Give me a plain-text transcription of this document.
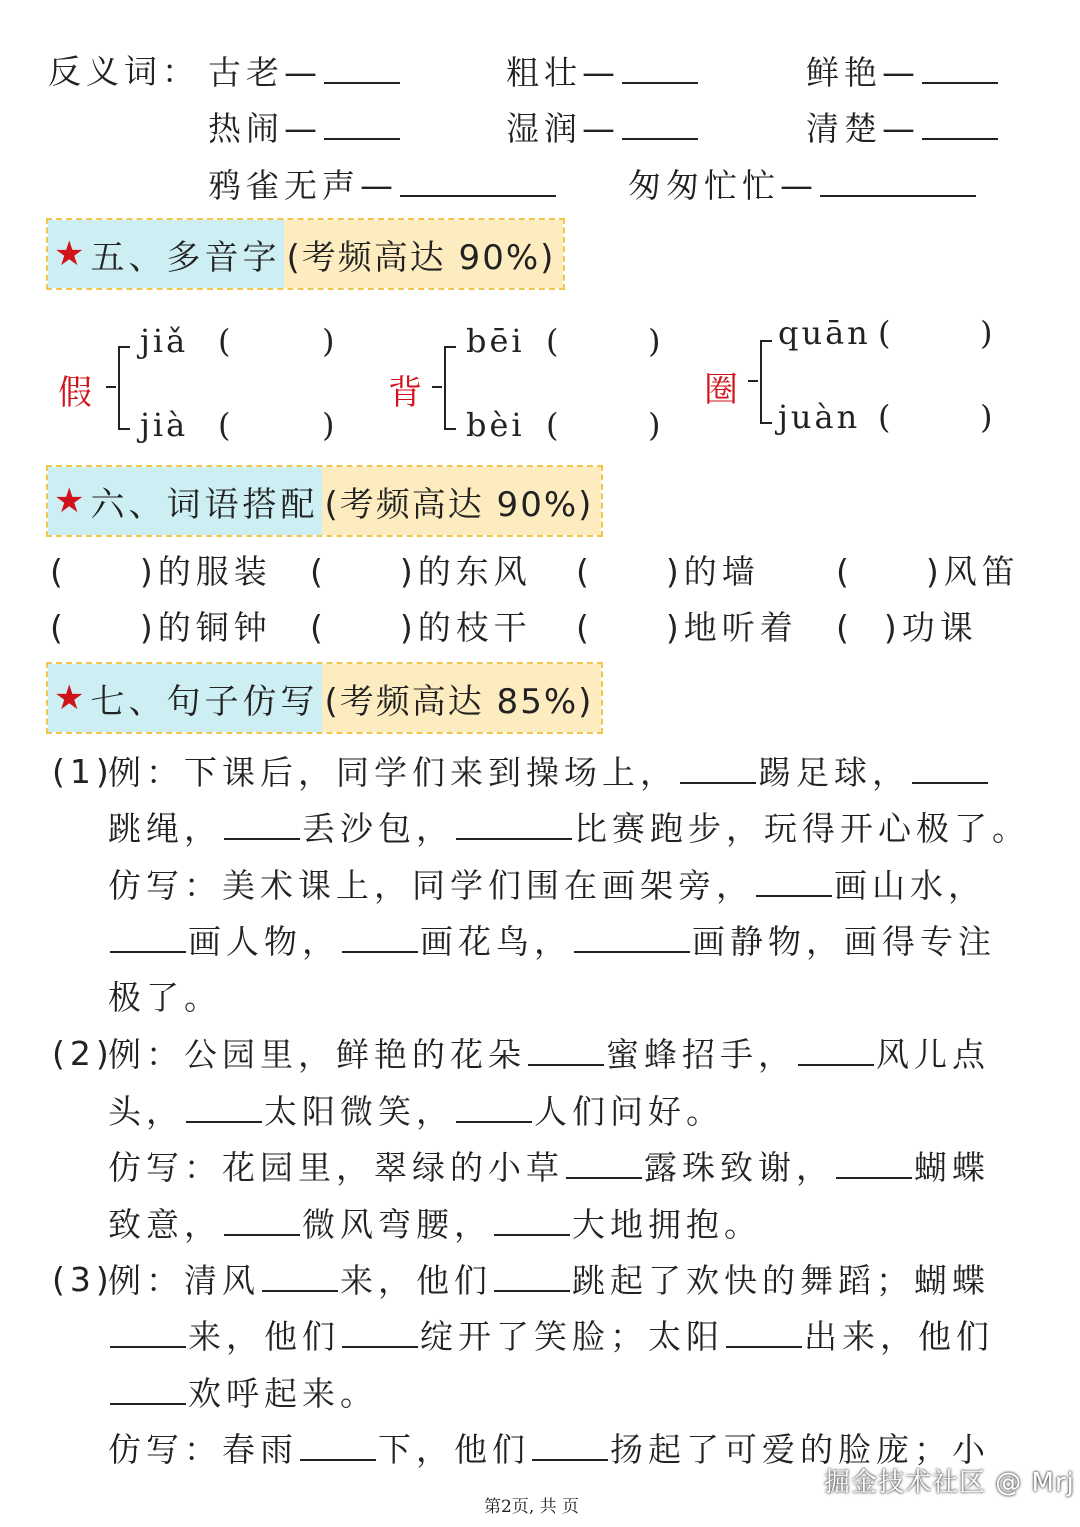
反义词： 古老—	粗壮—	鲜艳—
热闹—	湿润—	清楚—
鸦雀无声—	匆匆忙忙—
★ 五、多音字 (考频高达 90%)
假
jiǎ (	)
jià (	)
背
bēi (	)
bèi (	)
圈
quān (	)
juàn (	)
★ 六、词语搭配 (考频高达 90%)
( )的服装 ( )的东风 ( )的墙 ( )风笛
( )的铜钟 ( )的枝干 ( )地听着 ( )功课
★ 七、句子仿写 (考频高达 85%)
(1)
例：下课后，同学们来到操场上， 踢足球，
跳绳， 丢沙包，	比赛跑步，玩得开心极了。
仿写：美术课上，同学们围在画架旁， 画山水，
画人物， 画花鸟，	画静物，画得专注
极了。
(2)
例：公园里，鲜艳的花朵 蜜蜂招手， 风儿点
头， 太阳微笑， 人们问好。
仿写：花园里，翠绿的小草 露珠致谢， 蝴蝶
致意， 微风弯腰， 大地拥抱。
(3)
例：清风 来，他们 跳起了欢快的舞蹈；蝴蝶
来，他们 绽开了笑脸；太阳 出来，他们
欢呼起来。
仿写：春雨 下，他们 扬起了可爱的脸庞；小
掘金技术社区 @ Mrj
第2页, 共 页
